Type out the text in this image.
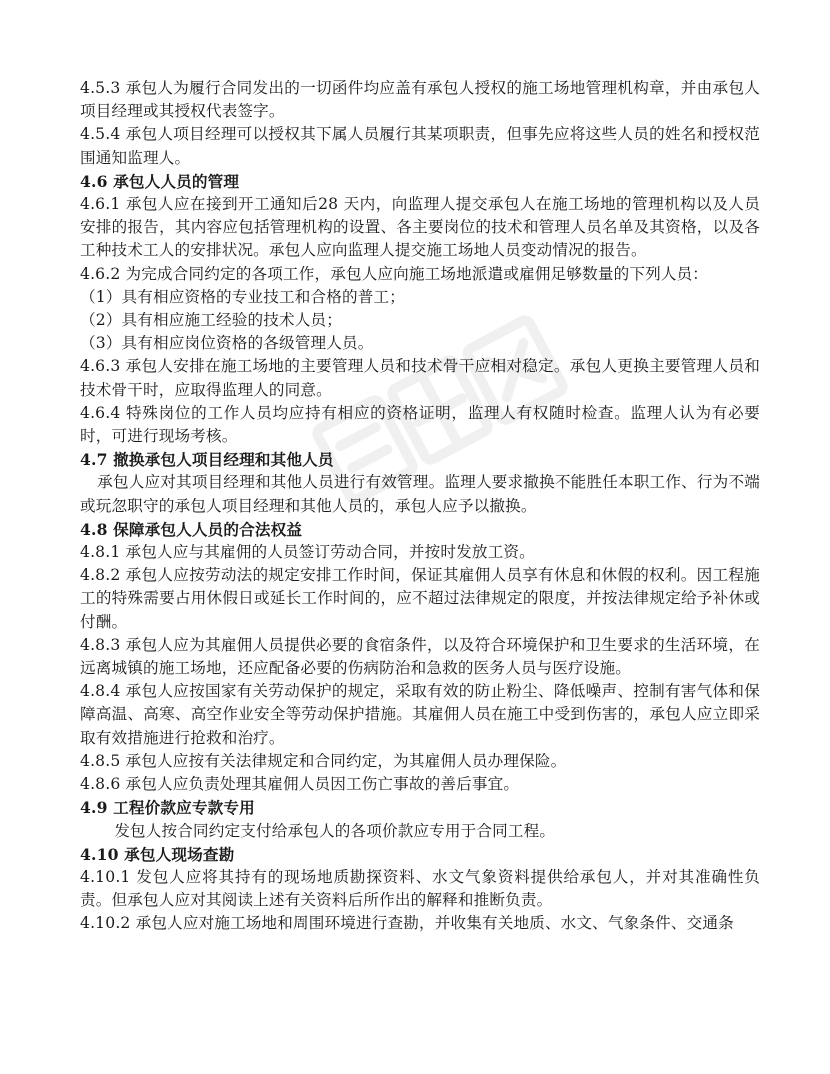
4.5.3 承包人为履行合同发出的一切函件均应盖有承包人授权的施工场地管理机构章，并由承包人项目经理或其授权代表签字。

4.5.4 承包人项目经理可以授权其下属人员履行其某项职责，但事先应将这些人员的姓名和授权范围通知监理人。

4.6 承包人人员的管理

4.6.1 承包人应在接到开工通知后28 天内，向监理人提交承包人在施工场地的管理机构以及人员安排的报告，其内容应包括管理机构的设置、各主要岗位的技术和管理人员名单及其资格，以及各工种技术工人的安排状况。承包人应向监理人提交施工场地人员变动情况的报告。

4.6.2 为完成合同约定的各项工作，承包人应向施工场地派遣或雇佣足够数量的下列人员：

（1）具有相应资格的专业技工和合格的普工；

（2）具有相应施工经验的技术人员；

（3）具有相应岗位资格的各级管理人员。

4.6.3 承包人安排在施工场地的主要管理人员和技术骨干应相对稳定。承包人更换主要管理人员和技术骨干时，应取得监理人的同意。

4.6.4 特殊岗位的工作人员均应持有相应的资格证明，监理人有权随时检查。监理人认为有必要时，可进行现场考核。

4.7 撤换承包人项目经理和其他人员

承包人应对其项目经理和其他人员进行有效管理。监理人要求撤换不能胜任本职工作、行为不端或玩忽职守的承包人项目经理和其他人员的，承包人应予以撤换。

4.8 保障承包人人员的合法权益

4.8.1 承包人应与其雇佣的人员签订劳动合同，并按时发放工资。

4.8.2 承包人应按劳动法的规定安排工作时间，保证其雇佣人员享有休息和休假的权利。因工程施工的特殊需要占用休假日或延长工作时间的，应不超过法律规定的限度，并按法律规定给予补休或付酬。

4.8.3 承包人应为其雇佣人员提供必要的食宿条件，以及符合环境保护和卫生要求的生活环境，在远离城镇的施工场地，还应配备必要的伤病防治和急救的医务人员与医疗设施。

4.8.4 承包人应按国家有关劳动保护的规定，采取有效的防止粉尘、降低噪声、控制有害气体和保障高温、高寒、高空作业安全等劳动保护措施。其雇佣人员在施工中受到伤害的，承包人应立即采取有效措施进行抢救和治疗。

4.8.5 承包人应按有关法律规定和合同约定，为其雇佣人员办理保险。

4.8.6 承包人应负责处理其雇佣人员因工伤亡事故的善后事宜。

4.9 工程价款应专款专用

发包人按合同约定支付给承包人的各项价款应专用于合同工程。

4.10 承包人现场查勘

4.10.1 发包人应将其持有的现场地质勘探资料、水文气象资料提供给承包人，并对其准确性负责。但承包人应对其阅读上述有关资料后所作出的解释和推断负责。

4.10.2 承包人应对施工场地和周围环境进行查勘，并收集有关地质、水文、气象条件、交通条
